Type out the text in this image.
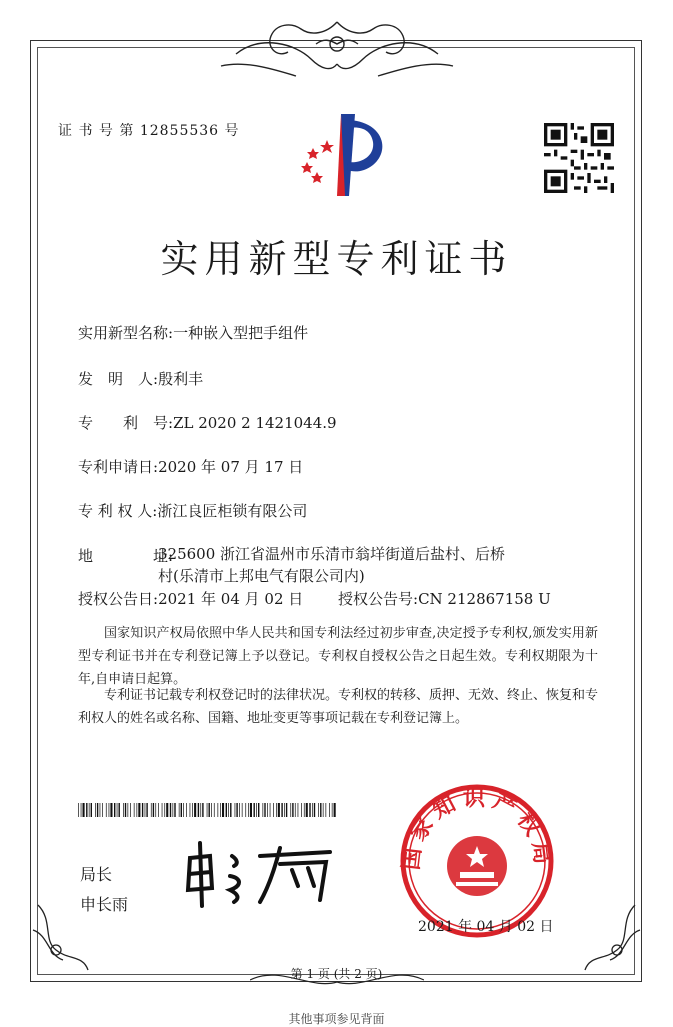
证 书 号 第 12855536 号
实用新型专利证书
实用新型名称:一种嵌入型把手组件
发　明　人:殷利丰
专　　利　号:ZL 2020 2 1421044.9
专利申请日:2020 年 07 月 17 日
专 利 权 人:浙江良匠柜锁有限公司
地　　　　址:
325600 浙江省温州市乐清市翁垟街道后盐村、后桥村(乐清市上邦电气有限公司内)
授权公告日:2021 年 04 月 02 日 授权公告号:CN 212867158 U
国家知识产权局依照中华人民共和国专利法经过初步审查,决定授予专利权,颁发实用新型专利证书并在专利登记簿上予以登记。专利权自授权公告之日起生效。专利权期限为十年,自申请日起算。
专利证书记载专利权登记时的法律状况。专利权的转移、质押、无效、终止、恢复和专利权人的姓名或名称、国籍、地址变更等事项记载在专利登记簿上。
局长
申长雨
国家知识产权局
2021 年 04 月 02 日
第 1 页 (共 2 页)
其他事项参见背面
